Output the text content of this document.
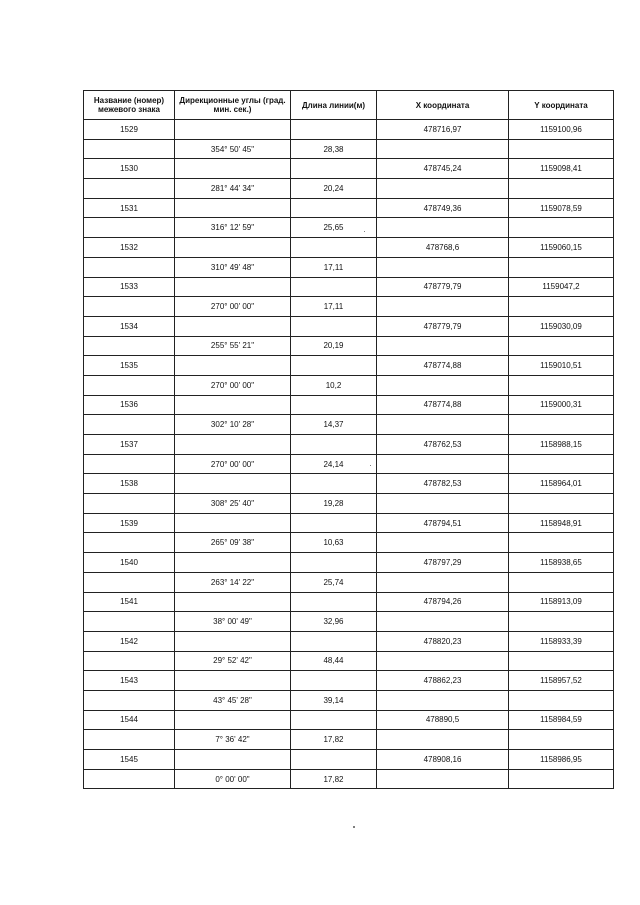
Название (номер) межевого знака	Дирекционные углы (град. мин. сек.)	Длина линии(м)	X координата	Y координата
1529			478716,97	1159100,96
	354° 50' 45"	28,38		
1530			478745,24	1159098,41
	281° 44' 34"	20,24		
1531			478749,36	1159078,59
	316° 12' 59"	25,65		
1532			478768,6	1159060,15
	310° 49' 48"	17,11		
1533			478779,79	1159047,2
	270° 00' 00"	17,11		
1534			478779,79	1159030,09
	255° 55' 21"	20,19		
1535			478774,88	1159010,51
	270° 00' 00"	10,2		
1536			478774,88	1159000,31
	302° 10' 28"	14,37		
1537			478762,53	1158988,15
	270° 00' 00"	24,14		
1538			478782,53	1158964,01
	308° 25' 40"	19,28		
1539			478794,51	1158948,91
	265° 09' 38"	10,63		
1540			478797,29	1158938,65
	263° 14' 22"	25,74		
1541			478794,26	1158913,09
	38° 00' 49"	32,96		
1542			478820,23	1158933,39
	29° 52' 42"	48,44		
1543			478862,23	1158957,52
	43° 45' 28"	39,14		
1544			478890,5	1158984,59
	7° 36' 42"	17,82		
1545			478908,16	1158986,95
	0° 00' 00"	17,82		
